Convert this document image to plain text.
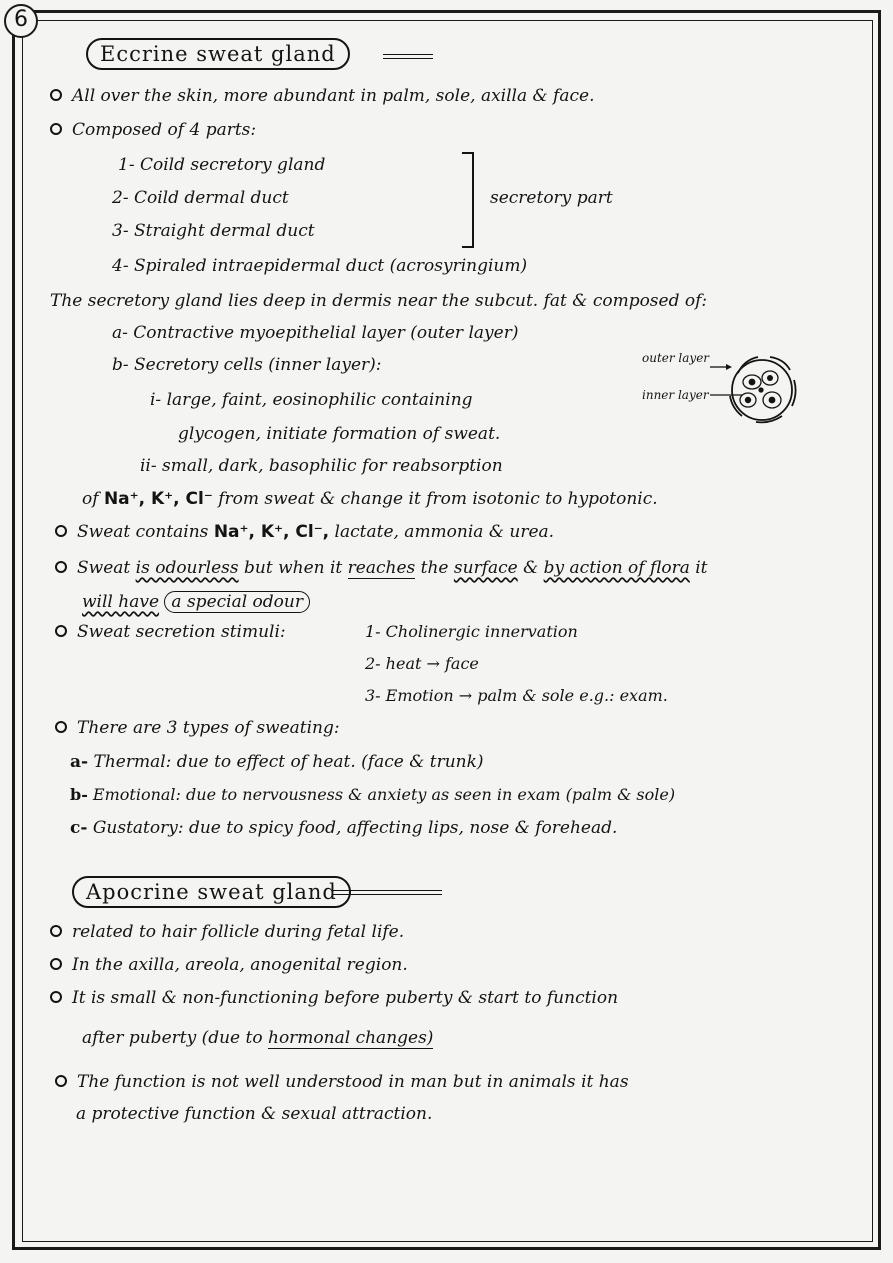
6
Eccrine sweat gland
All over the skin, more abundant in palm, sole, axilla & face.
Composed of 4 parts:
1- Coild secretory gland
2- Coild dermal duct
3- Straight dermal duct
4- Spiraled intraepidermal duct (acrosyringium)
secretory part
The secretory gland lies deep in dermis near the subcut. fat & composed of:
a- Contractive myoepithelial layer (outer layer)
b- Secretory cells (inner layer):
i- large, faint, eosinophilic containing
glycogen, initiate formation of sweat.
ii- small, dark, basophilic for reabsorption
of Na⁺, K⁺, Cl⁻ from sweat & change it from isotonic to hypotonic.
outer layer
inner layer
Sweat contains Na⁺, K⁺, Cl⁻, lactate, ammonia & urea.
Sweat is odourless but when it reaches the surface & by action of flora it
will have a special odour
Sweat secretion stimuli:	1- Cholinergic innervation
2- heat → face
3- Emotion → palm & sole e.g.: exam.
There are 3 types of sweating:
a- Thermal: due to effect of heat. (face & trunk)
b- Emotional: due to nervousness & anxiety as seen in exam (palm & sole)
c- Gustatory: due to spicy food, affecting lips, nose & forehead.
Apocrine sweat gland
related to hair follicle during fetal life.
In the axilla, areola, anogenital region.
It is small & non-functioning before puberty & start to function
after puberty (due to hormonal changes)
The function is not well understood in man but in animals it has
a protective function & sexual attraction.
